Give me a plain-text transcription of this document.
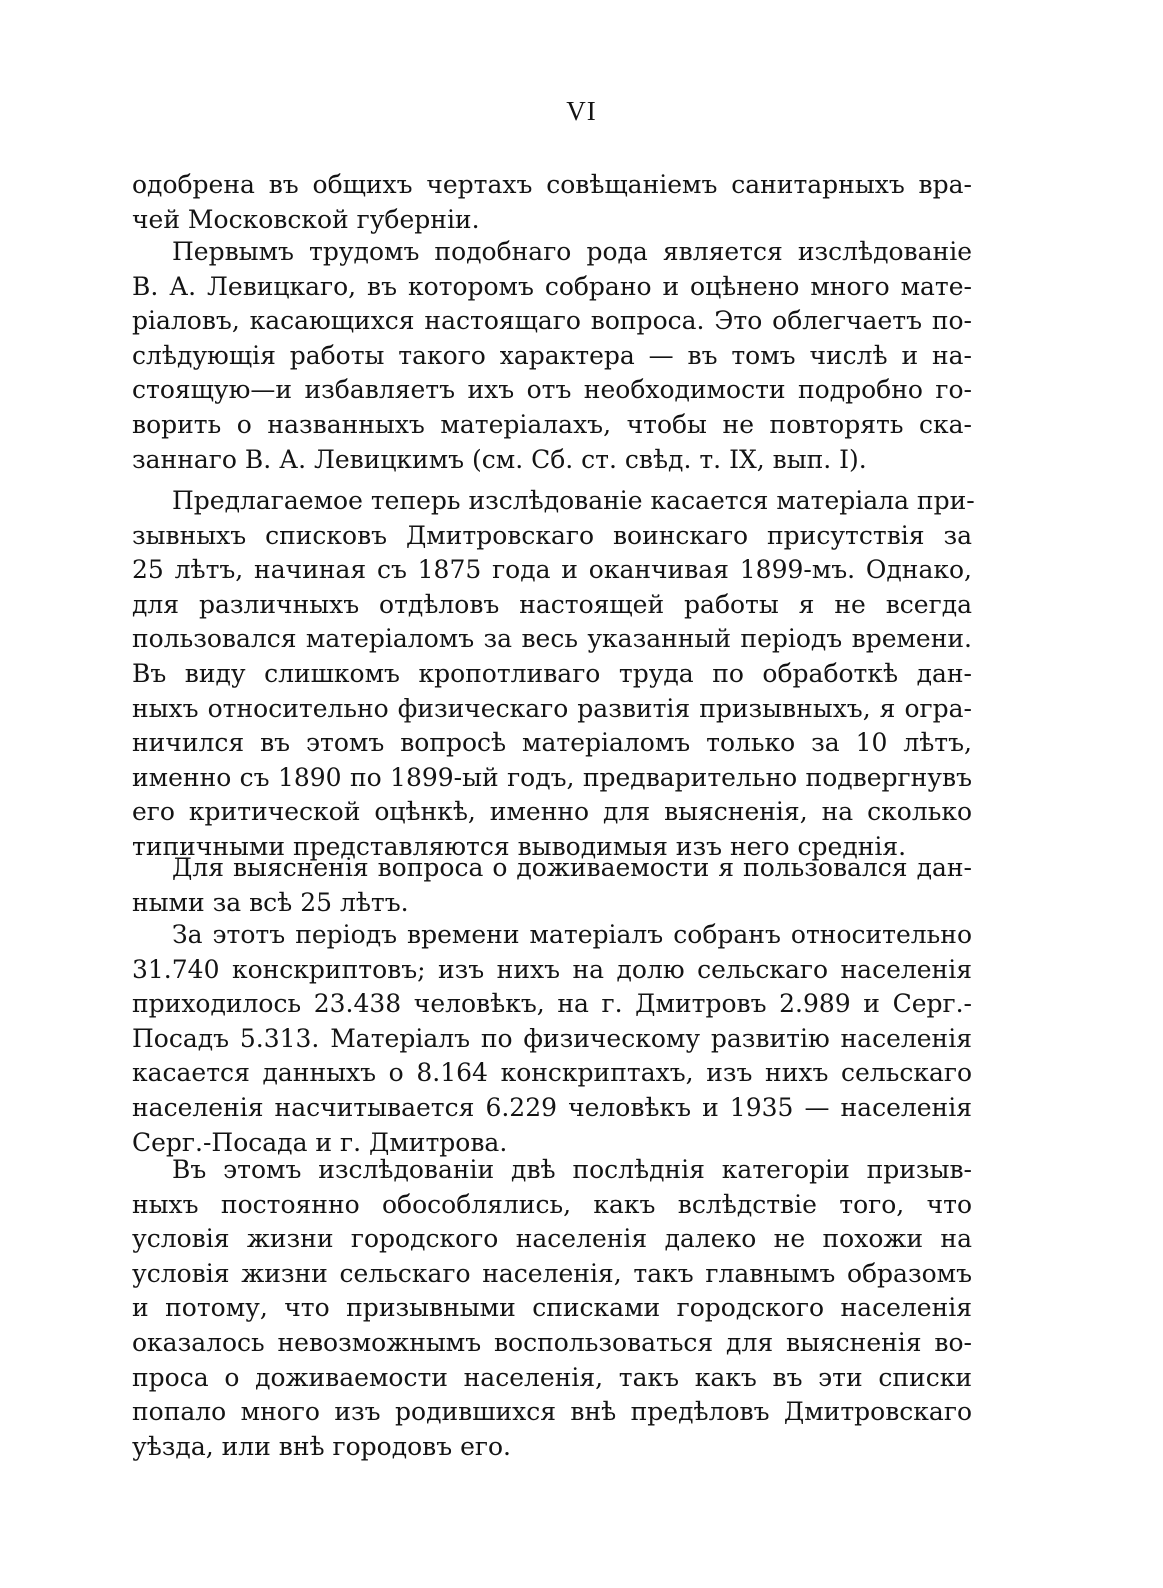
VI
одобрена въ общихъ чертахъ совѣщаніемъ санитарныхъ вра-
чей Московской губерніи.
Первымъ трудомъ подобнаго рода является изслѣдованіе
В. А. Левицкаго, въ которомъ собрано и оцѣнено много мате-
ріаловъ, касающихся настоящаго вопроса. Это облегчаетъ по-
слѣдующія работы такого характера — въ томъ числѣ и на-
стоящую—и избавляетъ ихъ отъ необходимости подробно го-
ворить о названныхъ матеріалахъ, чтобы не повторять ска-
заннаго В. А. Левицкимъ (см. Сб. ст. свѣд. т. IX, вып. I).
Предлагаемое теперь изслѣдованіе касается матеріала при-
зывныхъ списковъ Дмитровскаго воинскаго присутствія за
25 лѣтъ, начиная съ 1875 года и оканчивая 1899-мъ. Однако,
для различныхъ отдѣловъ настоящей работы я не всегда
пользовался матеріаломъ за весь указанный періодъ времени.
Въ виду слишкомъ кропотливаго труда по обработкѣ дан-
ныхъ относительно физическаго развитія призывныхъ, я огра-
ничился въ этомъ вопросѣ матеріаломъ только за 10 лѣтъ,
именно съ 1890 по 1899-ый годъ, предварительно подвергнувъ
его критической оцѣнкѣ, именно для выясненія, на сколько
типичными представляются выводимыя изъ него среднія.
Для выясненія вопроса о доживаемости я пользовался дан-
ными за всѣ 25 лѣтъ.
За этотъ періодъ времени матеріалъ собранъ относительно
31.740 конскриптовъ; изъ нихъ на долю сельскаго населенія
приходилось 23.438 человѣкъ, на г. Дмитровъ 2.989 и Серг.-
Посадъ 5.313. Матеріалъ по физическому развитію населенія
касается данныхъ о 8.164 конскриптахъ, изъ нихъ сельскаго
населенія насчитывается 6.229 человѣкъ и 1935 — населенія
Серг.-Посада и г. Дмитрова.
Въ этомъ изслѣдованіи двѣ послѣднія категоріи призыв-
ныхъ постоянно обособлялись, какъ вслѣдствіе того, что
условія жизни городского населенія далеко не похожи на
условія жизни сельскаго населенія, такъ главнымъ образомъ
и потому, что призывными списками городского населенія
оказалось невозможнымъ воспользоваться для выясненія во-
проса о доживаемости населенія, такъ какъ въ эти списки
попало много изъ родившихся внѣ предѣловъ Дмитровскаго
уѣзда, или внѣ городовъ его.
